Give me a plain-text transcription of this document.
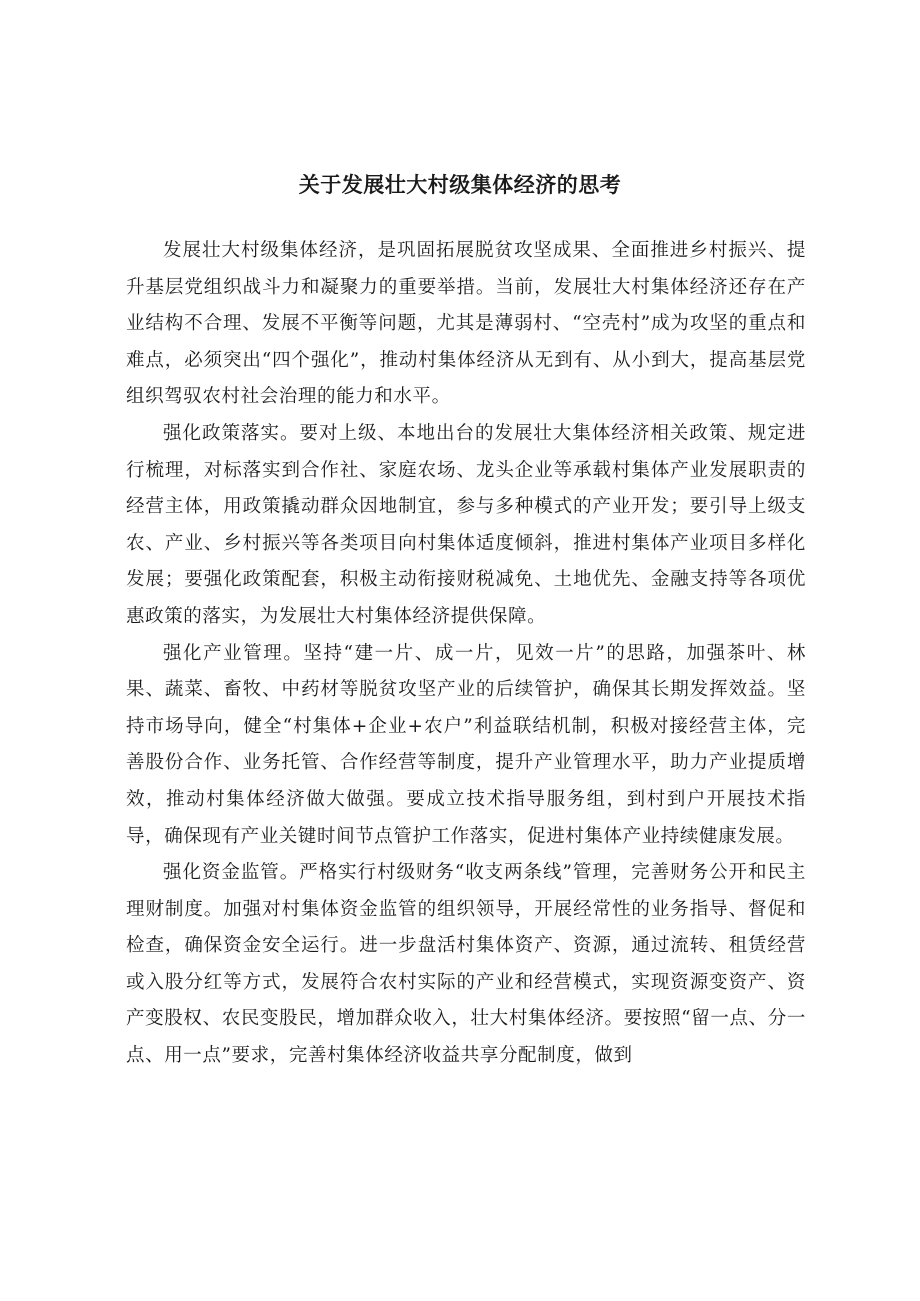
关于发展壮大村级集体经济的思考

发展壮大村级集体经济，是巩固拓展脱贫攻坚成果、全面推进乡村振兴、提升基层党组织战斗力和凝聚力的重要举措。当前，发展壮大村集体经济还存在产业结构不合理、发展不平衡等问题，尤其是薄弱村、“空壳村”成为攻坚的重点和难点，必须突出“四个强化”，推动村集体经济从无到有、从小到大，提高基层党组织驾驭农村社会治理的能力和水平。

强化政策落实。要对上级、本地出台的发展壮大集体经济相关政策、规定进行梳理，对标落实到合作社、家庭农场、龙头企业等承载村集体产业发展职责的经营主体，用政策撬动群众因地制宜，参与多种模式的产业开发；要引导上级支农、产业、乡村振兴等各类项目向村集体适度倾斜，推进村集体产业项目多样化发展；要强化政策配套，积极主动衔接财税减免、土地优先、金融支持等各项优惠政策的落实，为发展壮大村集体经济提供保障。

强化产业管理。坚持“建一片、成一片，见效一片”的思路，加强茶叶、林果、蔬菜、畜牧、中药材等脱贫攻坚产业的后续管护，确保其长期发挥效益。坚持市场导向，健全“村集体+企业+农户”利益联结机制，积极对接经营主体，完善股份合作、业务托管、合作经营等制度，提升产业管理水平，助力产业提质增效，推动村集体经济做大做强。要成立技术指导服务组，到村到户开展技术指导，确保现有产业关键时间节点管护工作落实，促进村集体产业持续健康发展。

强化资金监管。严格实行村级财务“收支两条线”管理，完善财务公开和民主理财制度。加强对村集体资金监管的组织领导，开展经常性的业务指导、督促和检查，确保资金安全运行。进一步盘活村集体资产、资源，通过流转、租赁经营或入股分红等方式，发展符合农村实际的产业和经营模式，实现资源变资产、资产变股权、农民变股民，增加群众收入，壮大村集体经济。要按照“留一点、分一点、用一点”要求，完善村集体经济收益共享分配制度，做到
